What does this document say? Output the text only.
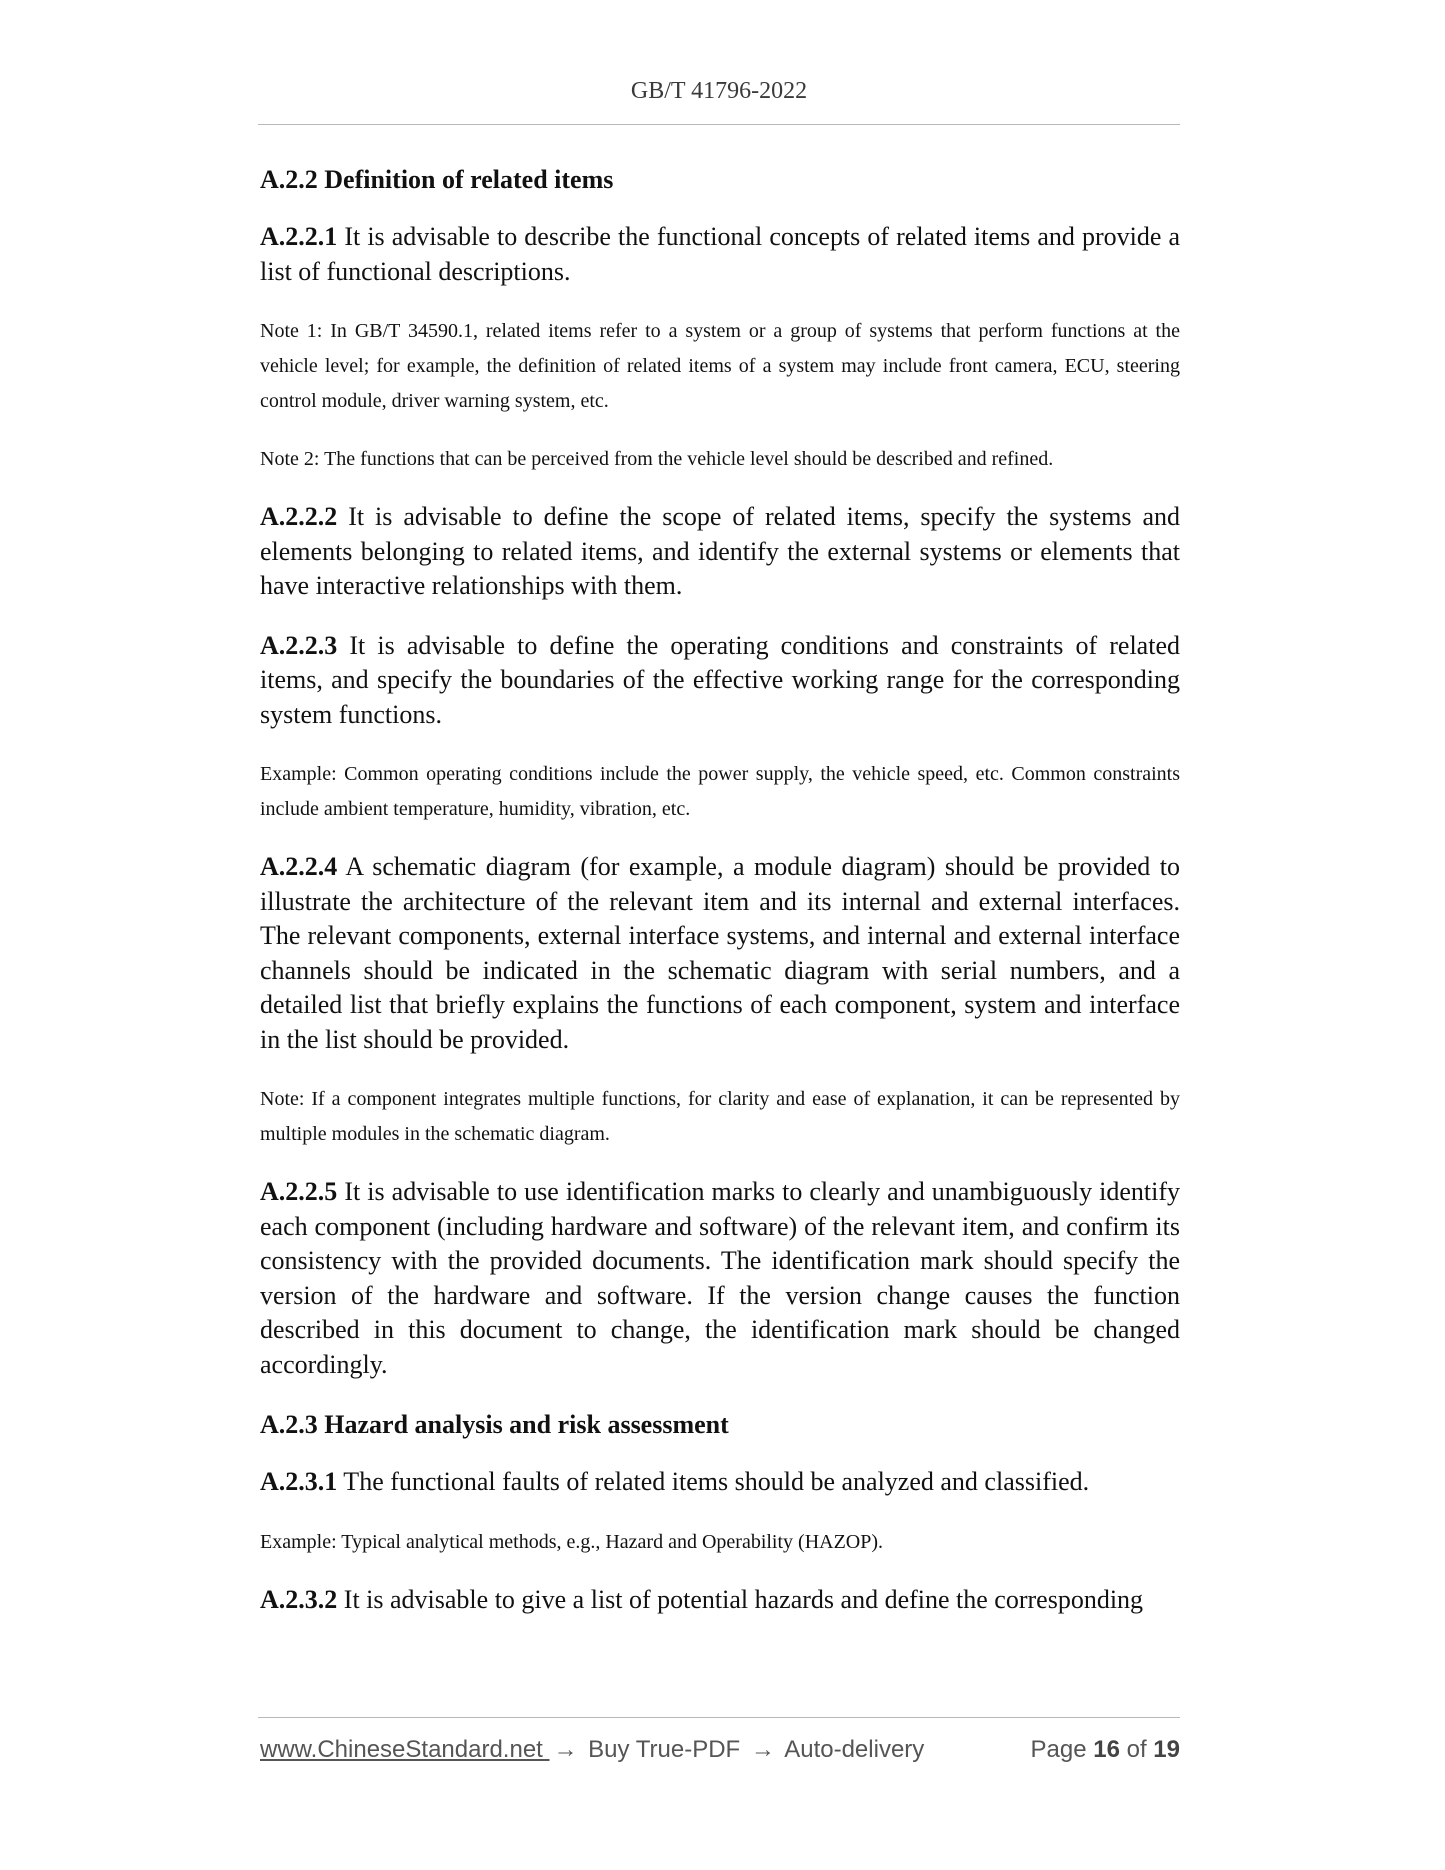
GB/T 41796-2022
A.2.2 Definition of related items

A.2.2.1 It is advisable to describe the functional concepts of related items and provide a list of functional descriptions.

Note 1: In GB/T 34590.1, related items refer to a system or a group of systems that perform functions at the vehicle level; for example, the definition of related items of a system may include front camera, ECU, steering control module, driver warning system, etc.

Note 2: The functions that can be perceived from the vehicle level should be described and refined.

A.2.2.2 It is advisable to define the scope of related items, specify the systems and elements belonging to related items, and identify the external systems or elements that have interactive relationships with them.

A.2.2.3 It is advisable to define the operating conditions and constraints of related items, and specify the boundaries of the effective working range for the corresponding system functions.

Example: Common operating conditions include the power supply, the vehicle speed, etc. Common constraints include ambient temperature, humidity, vibration, etc.

A.2.2.4 A schematic diagram (for example, a module diagram) should be provided to illustrate the architecture of the relevant item and its internal and external interfaces. The relevant components, external interface systems, and internal and external interface channels should be indicated in the schematic diagram with serial numbers, and a detailed list that briefly explains the functions of each component, system and interface in the list should be provided.

Note: If a component integrates multiple functions, for clarity and ease of explanation, it can be represented by multiple modules in the schematic diagram.

A.2.2.5 It is advisable to use identification marks to clearly and unambiguously identify each component (including hardware and software) of the relevant item, and confirm its consistency with the provided documents. The identification mark should specify the version of the hardware and software. If the version change causes the function described in this document to change, the identification mark should be changed accordingly.

A.2.3 Hazard analysis and risk assessment

A.2.3.1 The functional faults of related items should be analyzed and classified.

Example: Typical analytical methods, e.g., Hazard and Operability (HAZOP).

A.2.3.2 It is advisable to give a list of potential hazards and define the corresponding

www.ChineseStandard.net → Buy True-PDF → Auto-delivery	Page 16 of 19
